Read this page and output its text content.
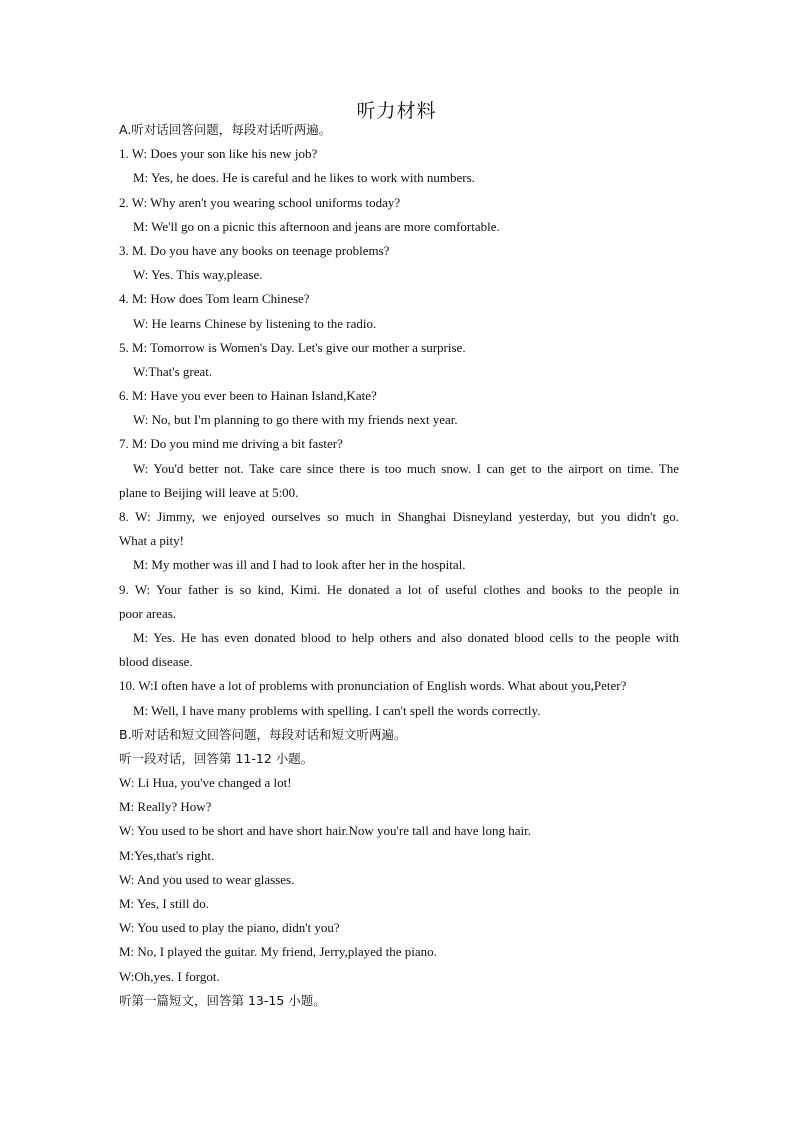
听力材料
A.听对话回答问题，每段对话听两遍。
1. W: Does your son like his new job?
M: Yes, he does. He is careful and he likes to work with numbers.
2. W: Why aren't you wearing school uniforms today?
M: We'll go on a picnic this afternoon and jeans are more comfortable.
3. M. Do you have any books on teenage problems?
W: Yes. This way,please.
4. M: How does Tom learn Chinese?
W: He learns Chinese by listening to the radio.
5. M: Tomorrow is Women's Day. Let's give our mother a surprise.
W:That's great.
6. M: Have you ever been to Hainan Island,Kate?
W: No, but I'm planning to go there with my friends next year.
7. M: Do you mind me driving a bit faster?
W: You'd better not. Take care since there is too much snow. I can get to the airport on time. The
plane to Beijing will leave at 5:00.
8. W: Jimmy, we enjoyed ourselves so much in Shanghai Disneyland yesterday, but you didn't go.
What a pity!
M: My mother was ill and I had to look after her in the hospital.
9. W: Your father is so kind, Kimi. He donated a lot of useful clothes and books to the people in
poor areas.
M: Yes. He has even donated blood to help others and also donated blood cells to the people with
blood disease.
10. W:I often have a lot of problems with pronunciation of English words. What about you,Peter?
M: Well, I have many problems with spelling. I can't spell the words correctly.
B.听对话和短文回答问题，每段对话和短文听两遍。
听一段对话，回答第 11-12 小题。
W: Li Hua, you've changed a lot!
M: Really? How?
W: You used to be short and have short hair.Now you're tall and have long hair.
M:Yes,that's right.
W: And you used to wear glasses.
M: Yes, I still do.
W: You used to play the piano, didn't you?
M: No, I played the guitar. My friend, Jerry,played the piano.
W:Oh,yes. I forgot.
听第一篇短文，回答第 13-15 小题。
